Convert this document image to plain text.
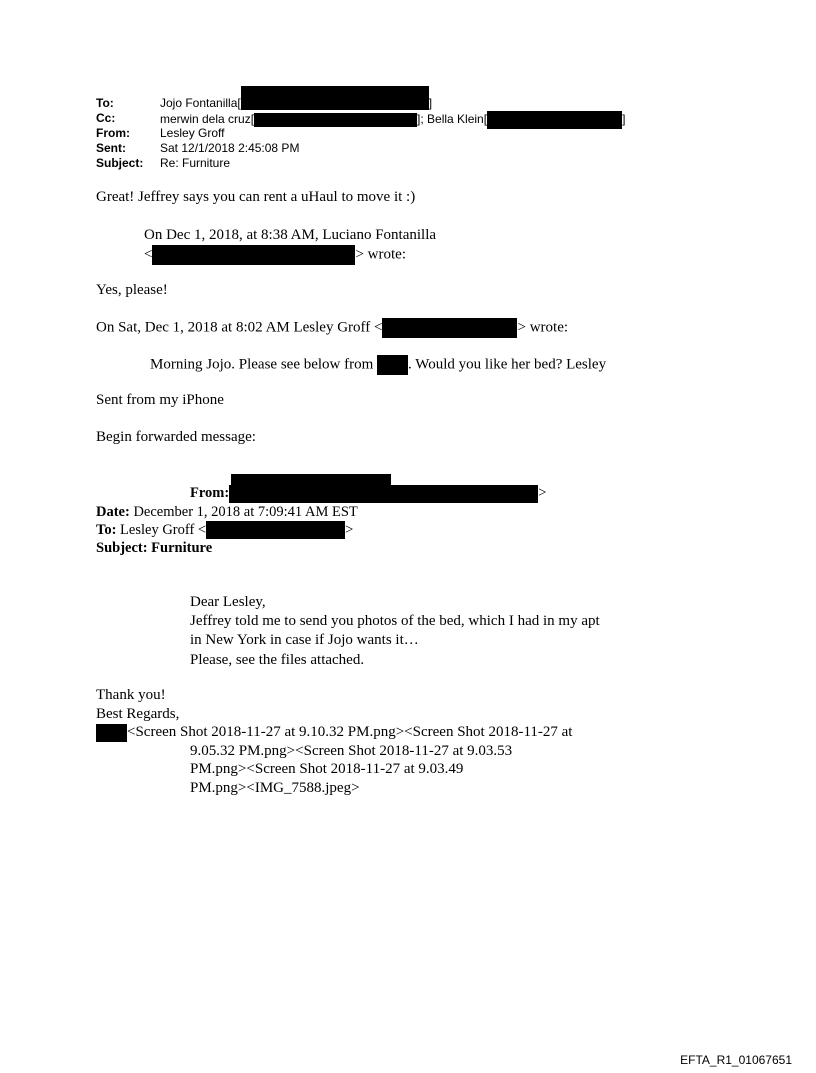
To:	Jojo Fontanilla[	]
Cc:	merwin dela cruz[	]; Bella Klein[	]
From:	Lesley Groff
Sent:	Sat 12/1/2018 2:45:08 PM
Subject: Re: Furniture
Great! Jeffrey says you can rent a uHaul to move it :)
On Dec 1, 2018, at 8:38 AM, Luciano Fontanilla
<	> wrote:
Yes, please!
On Sat, Dec 1, 2018 at 8:02 AM Lesley Groff <	> wrote:
Morning Jojo. Please see below from . Would you like her bed? Lesley
Sent from my iPhone
Begin forwarded message:
From:	>
Date: December 1, 2018 at 7:09:41 AM EST
To: Lesley Groff <	>
Subject: Furniture
Dear Lesley,
Jeffrey told me to send you photos of the bed, which I had in my apt
in New York in case if Jojo wants it…
Please, see the files attached.
Thank you!
Best Regards,
<Screen Shot 2018-11-27 at 9.10.32 PM.png><Screen Shot 2018-11-27 at
9.05.32 PM.png><Screen Shot 2018-11-27 at 9.03.53
PM.png><Screen Shot 2018-11-27 at 9.03.49
PM.png><IMG_7588.jpeg>
EFTA_R1_01067651
